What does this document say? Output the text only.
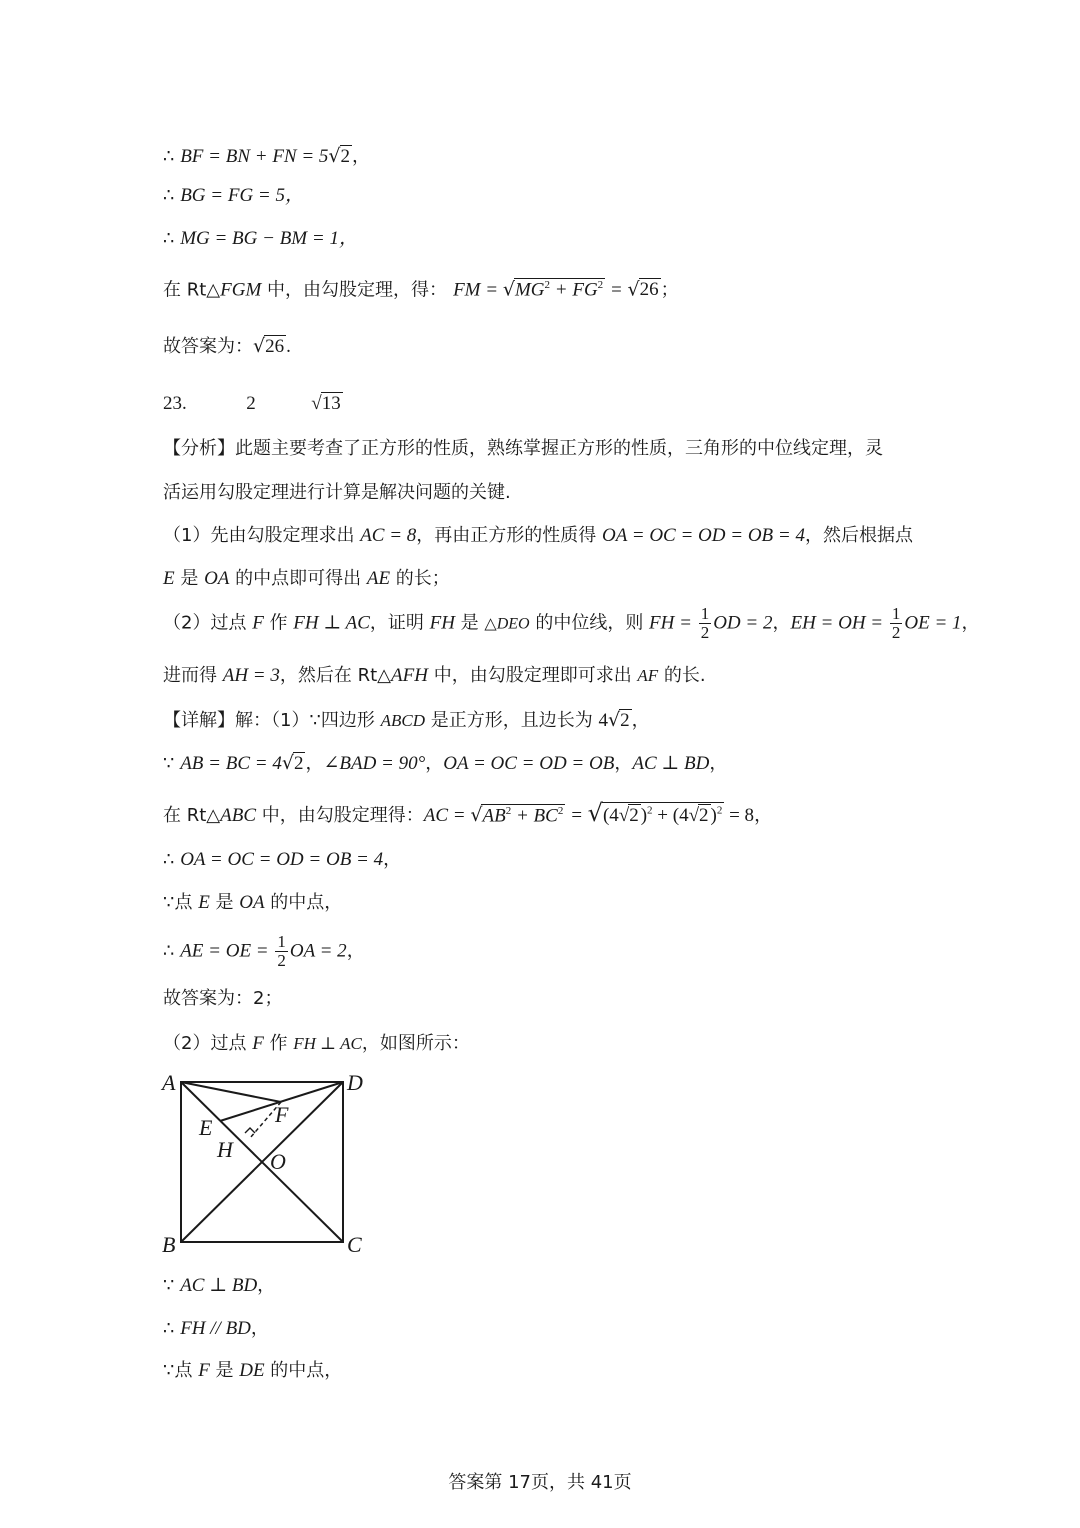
∴ BF = BN + FN = 5√2 ，
∴ BG = FG = 5，
∴ MG = BG − BM = 1，
在 Rt△FGM 中，由勾股定理，得： FM = $√MG^2 + FG^2 = √26$ ；
故答案为：√26 .
23.	2	√13
【分析】此题主要考查了正方形的性质，熟练掌握正方形的性质，三角形的中位线定理，灵
活运用勾股定理进行计算是解决问题的关键.
（1）先由勾股定理求出 AC = 8，再由正方形的性质得 OA = OC = OD = OB = 4，然后根据点
E 是 OA 的中点即可得出 AE 的长；
（2）过点 F 作 FH ⊥ AC，证明 FH 是 △DEO 的中位线，则 FH = $\frac{1}{2}$ OD = 2，EH = OH = $\frac{1}{2}$ OE = 1，
进而得 AH = 3，然后在 Rt△AFH 中，由勾股定理即可求出 AF 的长.
【详解】解：（1）∵四边形 ABCD 是正方形，且边长为 4√2 ，
∵ AB = BC = 4√2 ，∠BAD = 90°，OA = OC = OD = OB，AC ⊥ BD，
在 Rt△ABC 中，由勾股定理得：AC = $√AB^2 + BC^2 = √(4√2$ )$^2$ + (4√2 )$^2$ = 8，
∴ OA = OC = OD = OB = 4，
∵点 E 是 OA 的中点，
∴ AE = OE = $\frac{1}{2}$ OA = 2，
故答案为：2；
（2）过点 F 作 FH ⊥ AC，如图所示：
A	D
B	C
E
F
H O
∵ AC ⊥ BD，
∴ FH // BD，
∵点 F 是 DE 的中点，
答案第 17页，共 41页
